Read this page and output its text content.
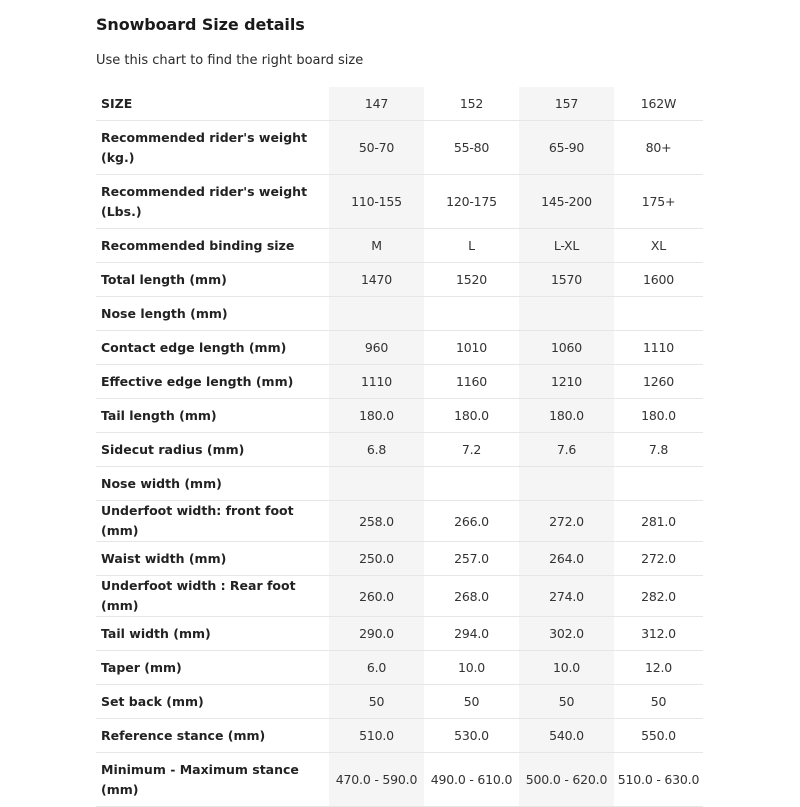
Snowboard Size details
Use this chart to find the right board size
SIZE	147	152	157	162W
Recommended rider's weight (kg.)	50-70	55-80	65-90	80+
Recommended rider's weight (Lbs.)	110-155	120-175	145-200	175+
Recommended binding size	M	L	L-XL	XL
Total length (mm)	1470	1520	1570	1600
Nose length (mm)				
Contact edge length (mm)	960	1010	1060	1110
Effective edge length (mm)	1110	1160	1210	1260
Tail length (mm)	180.0	180.0	180.0	180.0
Sidecut radius (mm)	6.8	7.2	7.6	7.8
Nose width (mm)				
Underfoot width: front foot (mm)	258.0	266.0	272.0	281.0
Waist width (mm)	250.0	257.0	264.0	272.0
Underfoot width : Rear foot (mm)	260.0	268.0	274.0	282.0
Tail width (mm)	290.0	294.0	302.0	312.0
Taper (mm)	6.0	10.0	10.0	12.0
Set back (mm)	50	50	50	50
Reference stance (mm)	510.0	530.0	540.0	550.0
Minimum - Maximum stance (mm)	470.0 - 590.0	490.0 - 610.0	500.0 - 620.0	510.0 - 630.0
